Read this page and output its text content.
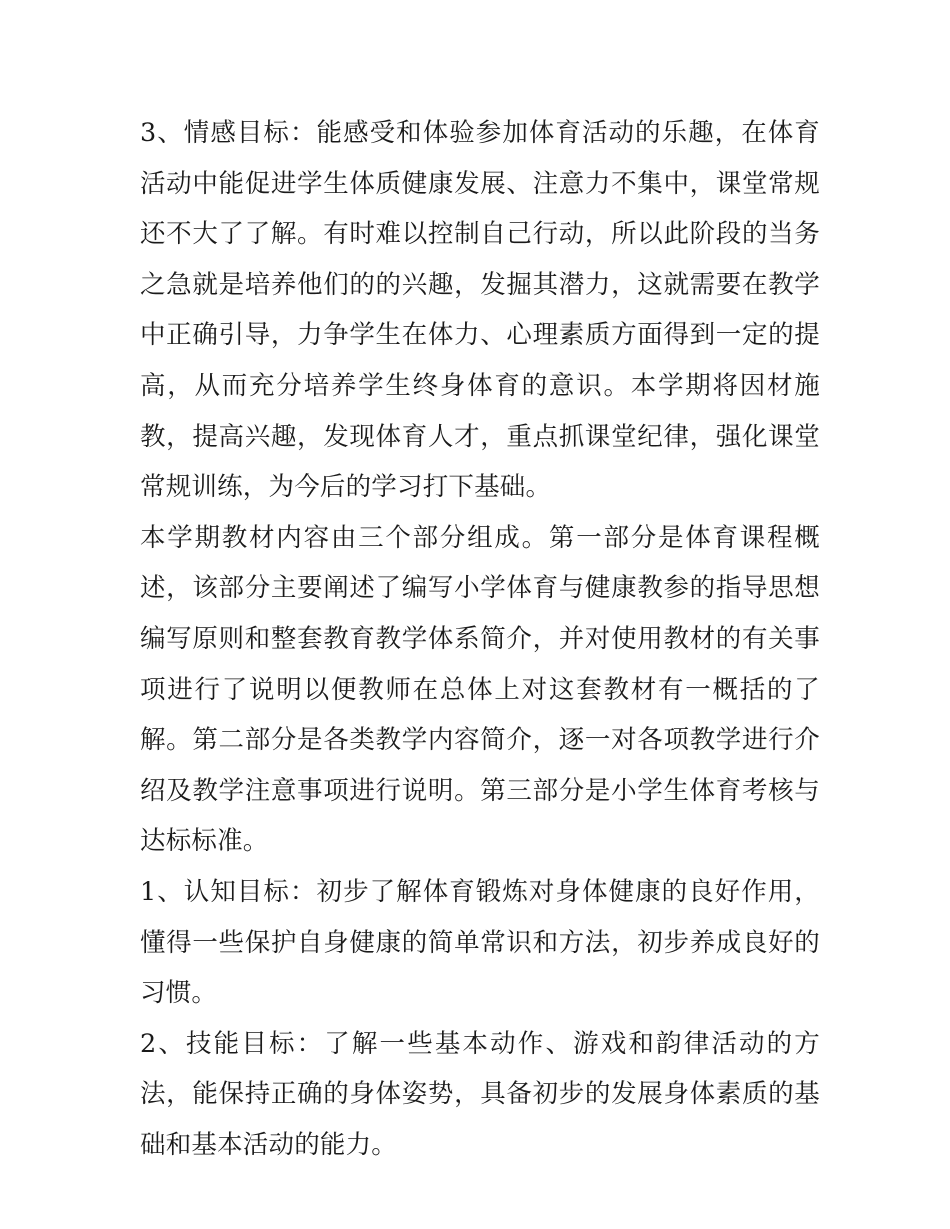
3、情感目标：能感受和体验参加体育活动的乐趣，在体育活动中能促进学生体质健康发展、注意力不集中，课堂常规还不大了了解。有时难以控制自己行动，所以此阶段的当务之急就是培养他们的的兴趣，发掘其潜力，这就需要在教学中正确引导，力争学生在体力、心理素质方面得到一定的提高，从而充分培养学生终身体育的意识。本学期将因材施教，提高兴趣，发现体育人才，重点抓课堂纪律，强化课堂常规训练，为今后的学习打下基础。

本学期教材内容由三个部分组成。第一部分是体育课程概述，该部分主要阐述了编写小学体育与健康教参的指导思想编写原则和整套教育教学体系简介，并对使用教材的有关事项进行了说明以便教师在总体上对这套教材有一概括的了解。第二部分是各类教学内容简介，逐一对各项教学进行介绍及教学注意事项进行说明。第三部分是小学生体育考核与达标标准。

1、认知目标：初步了解体育锻炼对身体健康的良好作用，懂得一些保护自身健康的简单常识和方法，初步养成良好的习惯。

2、技能目标：了解一些基本动作、游戏和韵律活动的方法，能保持正确的身体姿势，具备初步的发展身体素质的基础和基本活动的能力。
